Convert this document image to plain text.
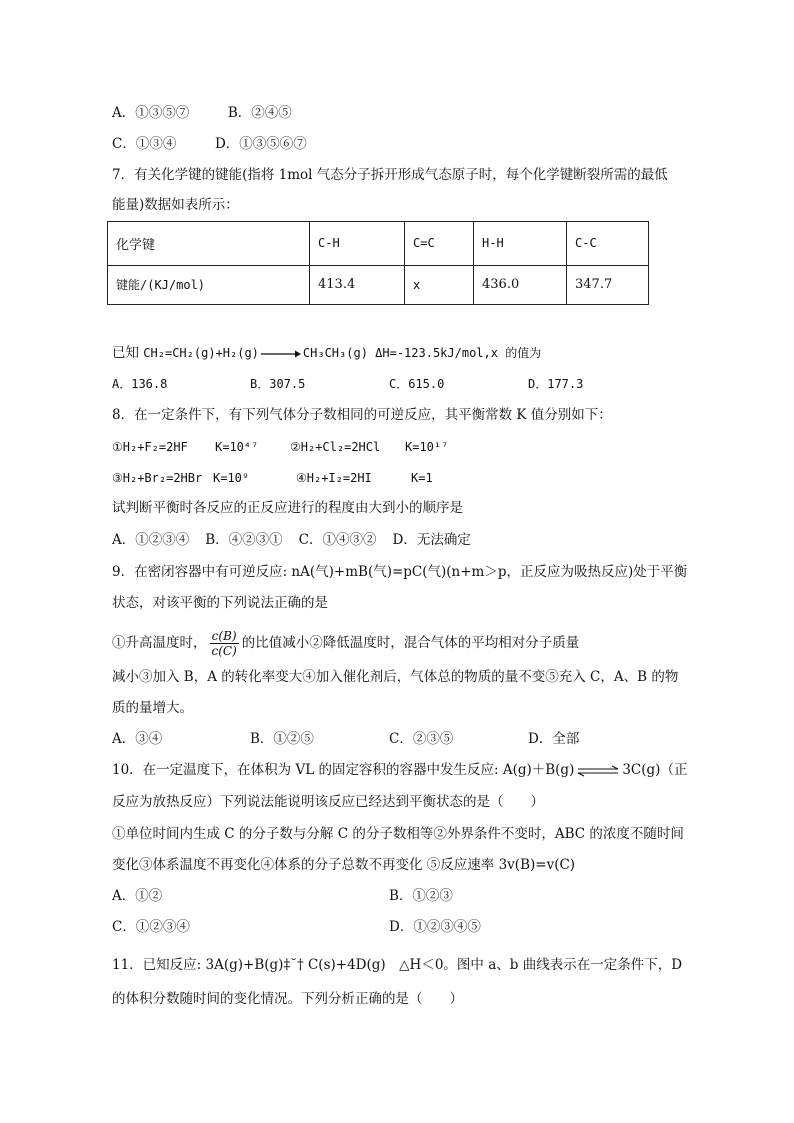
A．①③⑤⑦	B．②④⑤
C．①③④	D．①③⑤⑥⑦
7．有关化学键的键能(指将 1mol 气态分子拆开形成气态原子时，每个化学键断裂所需的最低
能量)数据如表所示：
化学键	C-H	C=C	H-H	C-C
键能/(KJ/mol)	413.4	x	436.0	347.7
已知 CH₂=CH₂(g)+H₂(g) → CH₃CH₃(g) ΔH=-123.5kJ/mol,x 的值为
A．136.8	B．307.5	C．615.0	D．177.3
8．在一定条件下，有下列气体分子数相同的可逆反应，其平衡常数 K 值分别如下：
①H₂+F₂=2HF K=10⁴⁷	②H₂+Cl₂=2HCl K=10¹⁷
③H₂+Br₂=2HBr K=10⁹	④H₂+I₂=2HI	K=1
试判断平衡时各反应的正反应进行的程度由大到小的顺序是
A．①②③④ B．④②③① C．①④③② D．无法确定
9．在密闭容器中有可逆反应: nA(气)+mB(气)=pC(气)(n+m＞p，正反应为吸热反应)处于平衡
状态，对该平衡的下列说法正确的是
①升高温度时， $\frac{c(B)}{c(C)}$ 的比值减小②降低温度时，混合气体的平均相对分子质量
减小③加入 B，A 的转化率变大④加入催化剂后，气体总的物质的量不变⑤充入 C，A、B 的物
质的量增大。
A．③④	B．①②⑤	C．②③⑤	D．全部
10．在一定温度下，在体积为 VL 的固定容积的容器中发生反应: A(g)＋B(g) ⇌ 3C(g)（正
反应为放热反应）下列说法能说明该反应已经达到平衡状态的是（　　）
①单位时间内生成 C 的分子数与分解 C 的分子数相等②外界条件不变时，ABC 的浓度不随时间
变化③体系温度不再变化④体系的分子总数不再变化 ⑤反应速率 3v(B)=v(C)
A．①②	B．①②③
C．①②③④	D．①②③④⑤
11．已知反应: 3A(g)+B(g)‡˘† C(s)+4D(g)　△H＜0。图中 a、b 曲线表示在一定条件下，D
的体积分数随时间的变化情况。下列分析正确的是（　　）
